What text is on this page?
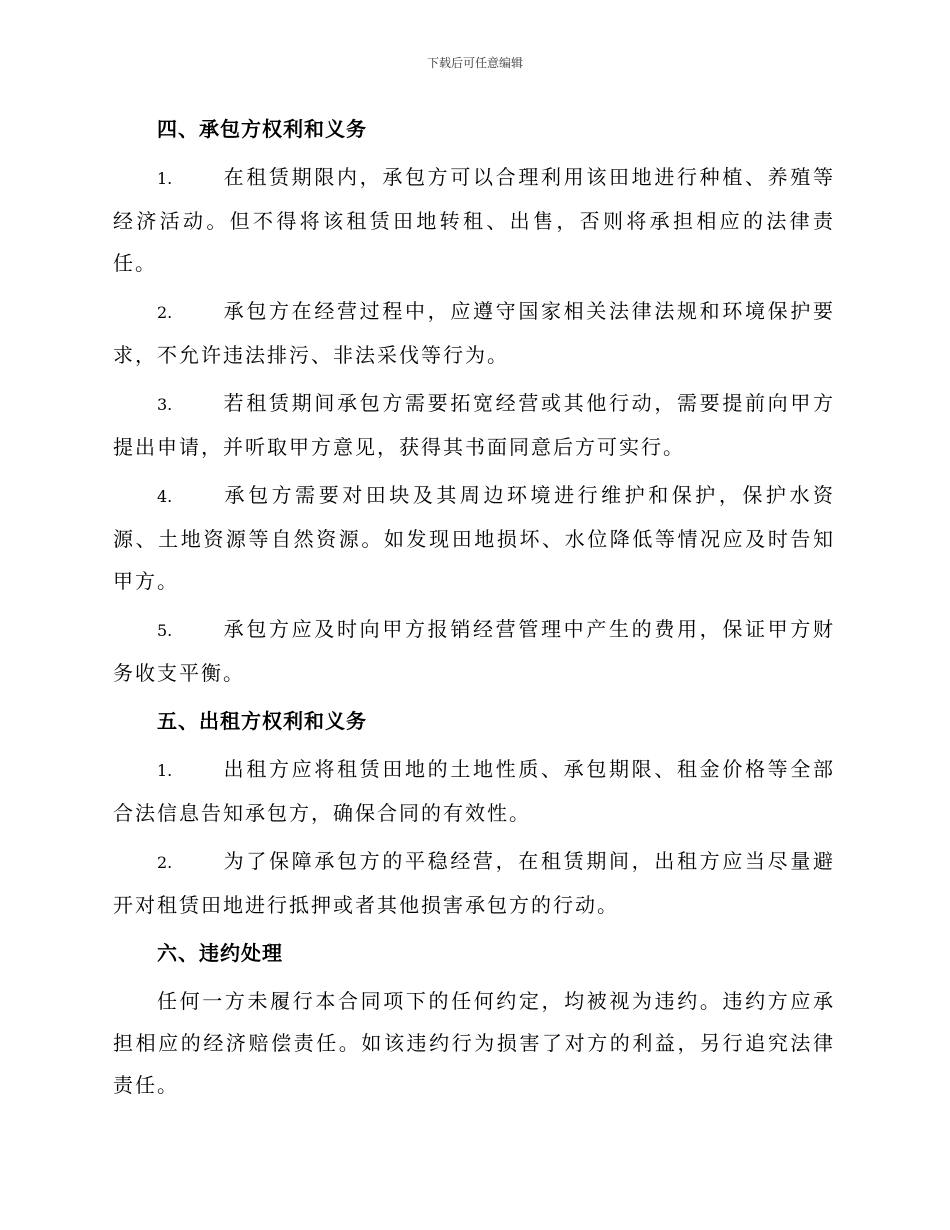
下载后可任意编辑
四、承包方权利和义务

1.	在租赁期限内，承包方可以合理利用该田地进行种植、养殖等经济活动。但不得将该租赁田地转租、出售，否则将承担相应的法律责任。

2.	承包方在经营过程中，应遵守国家相关法律法规和环境保护要求，不允许违法排污、非法采伐等行为。

3.	若租赁期间承包方需要拓宽经营或其他行动，需要提前向甲方提出申请，并听取甲方意见，获得其书面同意后方可实行。

4.	承包方需要对田块及其周边环境进行维护和保护，保护水资源、土地资源等自然资源。如发现田地损坏、水位降低等情况应及时告知甲方。

5.	承包方应及时向甲方报销经营管理中产生的费用，保证甲方财务收支平衡。

五、出租方权利和义务

1.	出租方应将租赁田地的土地性质、承包期限、租金价格等全部合法信息告知承包方，确保合同的有效性。

2.	为了保障承包方的平稳经营，在租赁期间，出租方应当尽量避开对租赁田地进行抵押或者其他损害承包方的行动。

六、违约处理

任何一方未履行本合同项下的任何约定，均被视为违约。违约方应承担相应的经济赔偿责任。如该违约行为损害了对方的利益，另行追究法律责任。
